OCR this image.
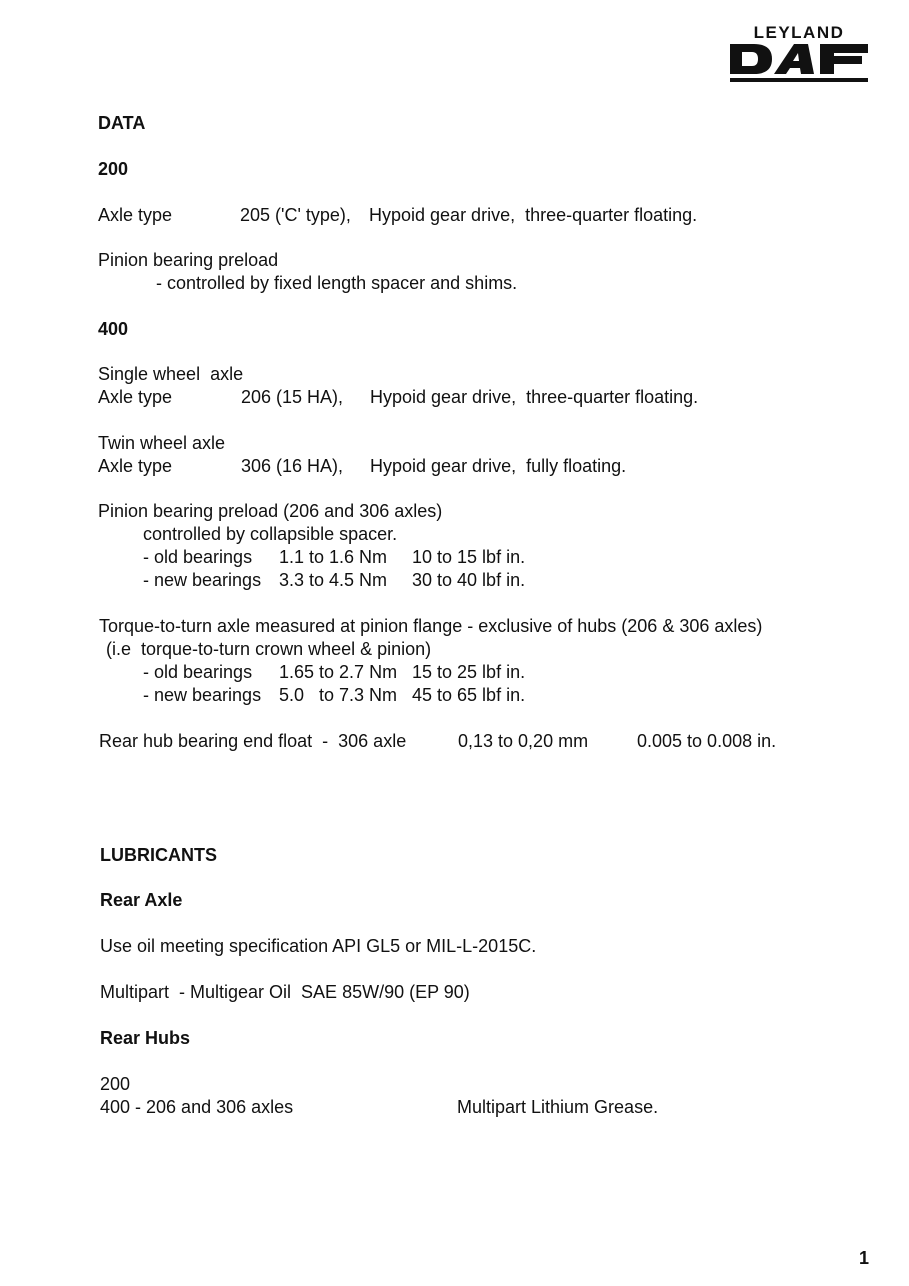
LEYLAND
DATA
200
Axle type	205 ('C' type), Hypoid gear drive,  three-quarter floating.
Pinion bearing preload
- controlled by fixed length spacer and shims.
400
Single wheel  axle
Axle type	206 (15 HA), Hypoid gear drive,  three-quarter floating.
Twin wheel axle
Axle type	306 (16 HA), Hypoid gear drive,  fully floating.
Pinion bearing preload (206 and 306 axles)
controlled by collapsible spacer.
- old bearings 1.1 to 1.6 Nm 10 to 15 lbf in.
- new bearings 3.3 to 4.5 Nm 30 to 40 lbf in.
Torque-to-turn axle measured at pinion flange - exclusive of hubs (206 & 306 axles)
(i.e  torque-to-turn crown wheel & pinion)
- old bearings 1.65 to 2.7 Nm 15 to 25 lbf in.
- new bearings 5.0   to 7.3 Nm 45 to 65 lbf in.
Rear hub bearing end float  -  306 axle	0,13 to 0,20 mm	0.005 to 0.008 in.
LUBRICANTS
Rear Axle
Use oil meeting specification API GL5 or MIL-L-2015C.
Multipart  - Multigear Oil  SAE 85W/90 (EP 90)
Rear Hubs
200
400 - 206 and 306 axles	Multipart Lithium Grease.
1
